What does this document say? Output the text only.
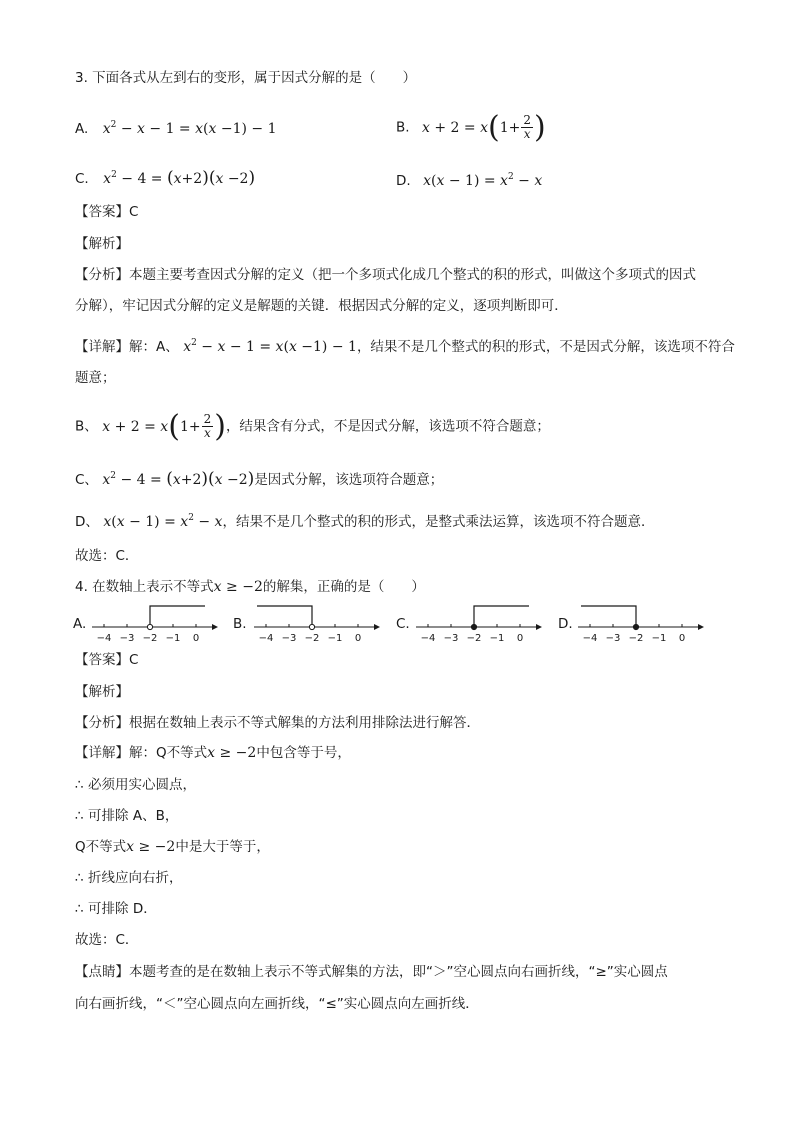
3. 下面各式从左到右的变形，属于因式分解的是（　　）
A. $x^2 - x - 1 = x(x -1) - 1$	B. $x + 2 = x(1+ \frac{2}{x}$ )
C. $x^2 - 4 = (x+2)(x -2)$	D. $x(x - 1) = x^2 - x$
【答案】C
【解析】
【分析】本题主要考查因式分解的定义（把一个多项式化成几个整式的积的形式，叫做这个多项式的因式
分解），牢记因式分解的定义是解题的关键．根据因式分解的定义，逐项判断即可．
【详解】解：A、 $x^2 - x - 1 = x(x -1) - 1$，结果不是几个整式的积的形式，不是因式分解，该选项不符合
题意；
B、 $x + 2 = x(1+ \frac{2}{x}$ )，结果含有分式，不是因式分解，该选项不符合题意；
C、 $x^2 - 4 = (x+2)(x -2)$是因式分解，该选项符合题意；
D、 $x(x - 1) = x^2 - x$，结果不是几个整式的积的形式，是整式乘法运算，该选项不符合题意．
故选：C．
4. 在数轴上表示不等式x ≥ −2的解集，正确的是（　　）
A.	B.	C.	D.
−4 −3 −2 −1 0	−4 −3 −2 −1 0	−4 −3 −2 −1 0	−4 −3 −2 −1 0
【答案】C
【解析】
【分析】根据在数轴上表示不等式解集的方法利用排除法进行解答．
【详解】解：Q不等式x ≥ −2中包含等于号，
∴ 必须用实心圆点，
∴ 可排除 A、B，
Q不等式x ≥ −2中是大于等于，
∴ 折线应向右折，
∴ 可排除 D．
故选：C．
【点睛】本题考查的是在数轴上表示不等式解集的方法，即“＞”空心圆点向右画折线，“≥”实心圆点
向右画折线，“＜”空心圆点向左画折线，“≤”实心圆点向左画折线．
